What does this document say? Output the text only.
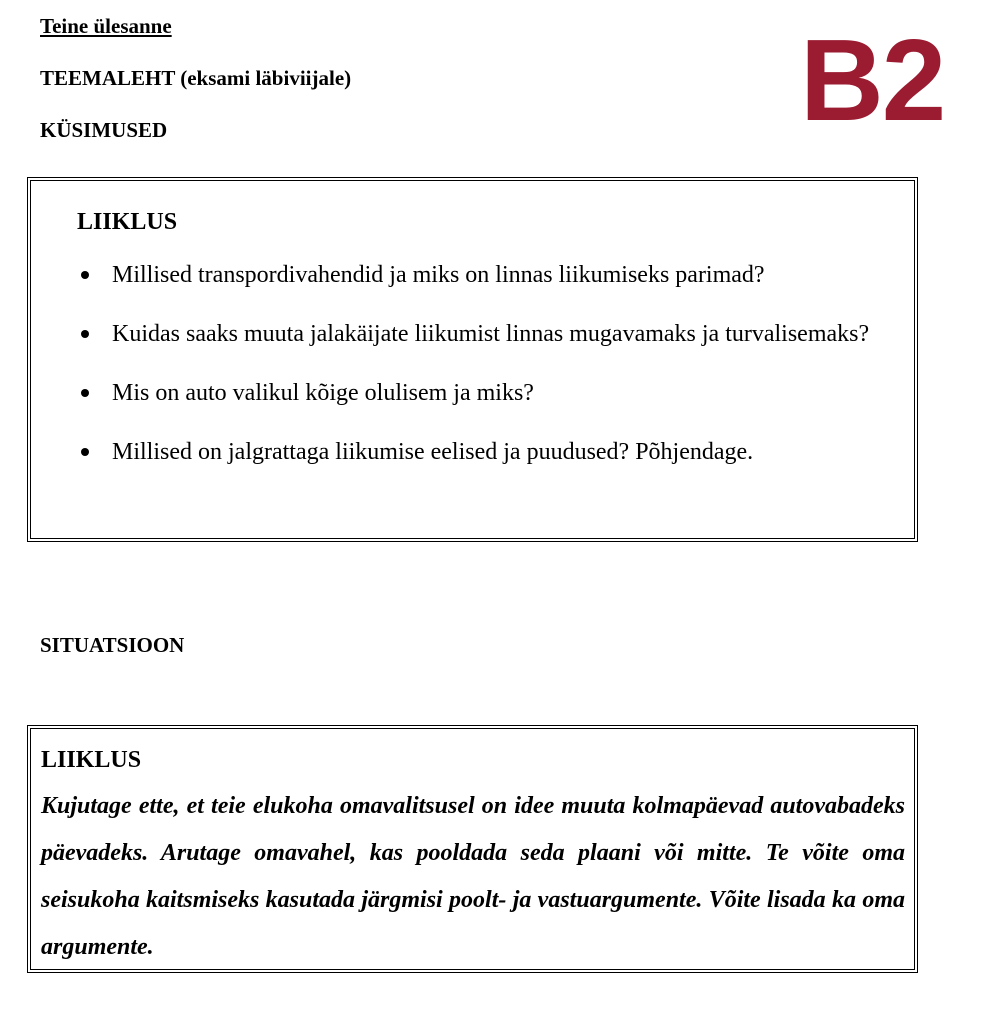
Teine ülesanne
TEEMALEHT (eksami läbiviijale)
KÜSIMUSED	B2
LIIKLUS
Millised transpordivahendid ja miks on linnas liikumiseks parimad?
Kuidas saaks muuta jalakäijate liikumist linnas mugavamaks ja turvalisemaks?
Mis on auto valikul kõige olulisem ja miks?
Millised on jalgrattaga liikumise eelised ja puudused? Põhjendage.
SITUATSIOON
LIIKLUS

Kujutage ette, et teie elukoha omavalitsusel on idee muuta kolmapäevad autovabadeks päevadeks. Arutage omavahel, kas pooldada seda plaani või mitte. Te võite oma seisukoha kaitsmiseks kasutada järgmisi poolt- ja vastuargumente. Võite lisada ka oma argumente.
